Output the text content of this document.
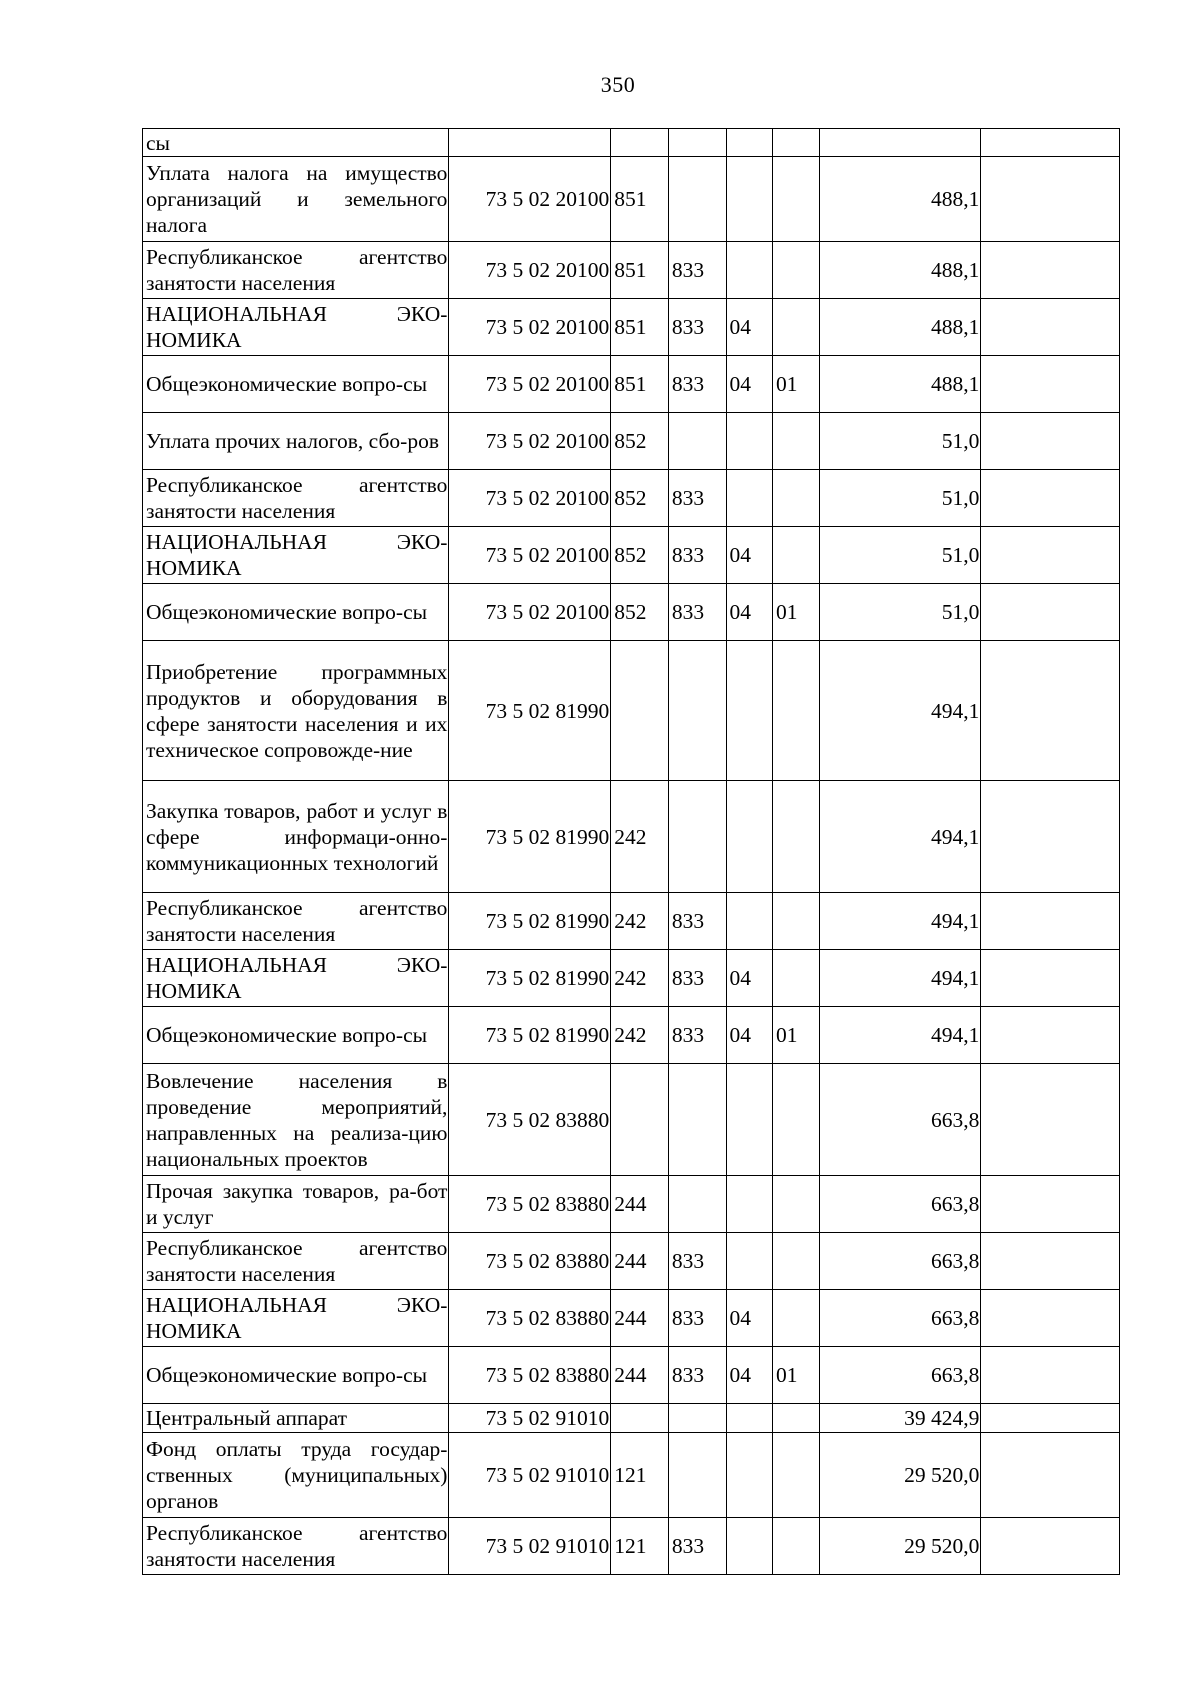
350
сы							
Уплата налога на имущество организаций и земельного налога	73 5 02 20100	851				488,1	
Республиканское агентство занятости населения	73 5 02 20100	851	833			488,1	
НАЦИОНАЛЬНАЯ ЭКО-НОМИКА	73 5 02 20100	851	833	04		488,1	
Общеэкономические вопро-сы	73 5 02 20100	851	833	04	01	488,1	
Уплата прочих налогов, сбо-ров	73 5 02 20100	852				51,0	
Республиканское агентство занятости населения	73 5 02 20100	852	833			51,0	
НАЦИОНАЛЬНАЯ ЭКО-НОМИКА	73 5 02 20100	852	833	04		51,0	
Общеэкономические вопро-сы	73 5 02 20100	852	833	04	01	51,0	
Приобретение программных продуктов и оборудования в сфере занятости населения и их техническое сопровожде-ние	73 5 02 81990					494,1	
Закупка товаров, работ и услуг в сфере информаци-онно-коммуникационных технологий	73 5 02 81990	242				494,1	
Республиканское агентство занятости населения	73 5 02 81990	242	833			494,1	
НАЦИОНАЛЬНАЯ ЭКО-НОМИКА	73 5 02 81990	242	833	04		494,1	
Общеэкономические вопро-сы	73 5 02 81990	242	833	04	01	494,1	
Вовлечение населения в проведение мероприятий, направленных на реализа-цию национальных проектов	73 5 02 83880					663,8	
Прочая закупка товаров, ра-бот и услуг	73 5 02 83880	244				663,8	
Республиканское агентство занятости населения	73 5 02 83880	244	833			663,8	
НАЦИОНАЛЬНАЯ ЭКО-НОМИКА	73 5 02 83880	244	833	04		663,8	
Общеэкономические вопро-сы	73 5 02 83880	244	833	04	01	663,8	
Центральный аппарат	73 5 02 91010					39 424,9	
Фонд оплаты труда государ-ственных (муниципальных) органов	73 5 02 91010	121				29 520,0	
Республиканское агентство занятости населения	73 5 02 91010	121	833			29 520,0	
